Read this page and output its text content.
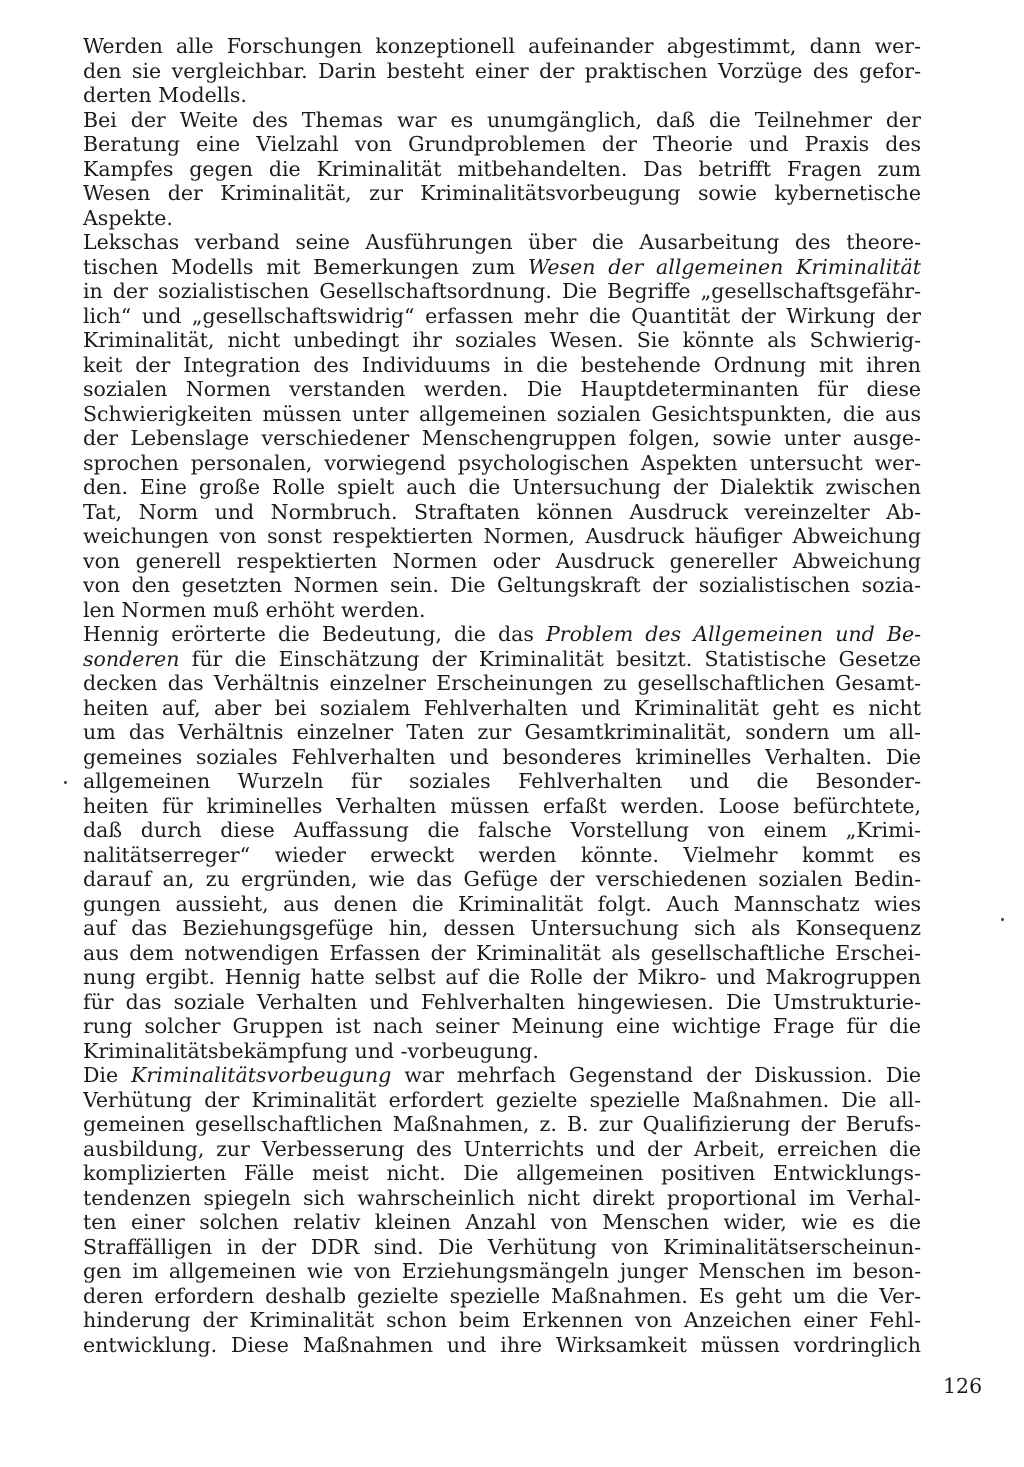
Werden alle Forschungen konzeptionell aufeinander abgestimmt, dann wer-
den sie vergleichbar. Darin besteht einer der praktischen Vorzüge des gefor-
derten Modells.
Bei der Weite des Themas war es unumgänglich, daß die Teilnehmer der
Beratung eine Vielzahl von Grundproblemen der Theorie und Praxis des
Kampfes gegen die Kriminalität mitbehandelten. Das betrifft Fragen zum
Wesen der Kriminalität, zur Kriminalitätsvorbeugung sowie kybernetische
Aspekte.
Lekschas verband seine Ausführungen über die Ausarbeitung des theore-
tischen Modells mit Bemerkungen zum Wesen der allgemeinen Kriminalität
in der sozialistischen Gesellschaftsordnung. Die Begriffe „gesellschaftsgefähr-
lich“ und „gesellschaftswidrig“ erfassen mehr die Quantität der Wirkung der
Kriminalität, nicht unbedingt ihr soziales Wesen. Sie könnte als Schwierig-
keit der Integration des Individuums in die bestehende Ordnung mit ihren
sozialen Normen verstanden werden. Die Hauptdeterminanten für diese
Schwierigkeiten müssen unter allgemeinen sozialen Gesichtspunkten, die aus
der Lebenslage verschiedener Menschengruppen folgen, sowie unter ausge-
sprochen personalen, vorwiegend psychologischen Aspekten untersucht wer-
den. Eine große Rolle spielt auch die Untersuchung der Dialektik zwischen
Tat, Norm und Normbruch. Straftaten können Ausdruck vereinzelter Ab-
weichungen von sonst respektierten Normen, Ausdruck häufiger Abweichung
von generell respektierten Normen oder Ausdruck genereller Abweichung
von den gesetzten Normen sein. Die Geltungskraft der sozialistischen sozia-
len Normen muß erhöht werden.
Hennig erörterte die Bedeutung, die das Problem des Allgemeinen und Be-
sonderen für die Einschätzung der Kriminalität besitzt. Statistische Gesetze
decken das Verhältnis einzelner Erscheinungen zu gesellschaftlichen Gesamt-
heiten auf, aber bei sozialem Fehlverhalten und Kriminalität geht es nicht
um das Verhältnis einzelner Taten zur Gesamtkriminalität, sondern um all-
gemeines soziales Fehlverhalten und besonderes kriminelles Verhalten. Die
allgemeinen Wurzeln für soziales Fehlverhalten und die Besonder-
heiten für kriminelles Verhalten müssen erfaßt werden. Loose befürchtete,
daß durch diese Auffassung die falsche Vorstellung von einem „Krimi-
nalitätserreger“ wieder erweckt werden könnte. Vielmehr kommt es
darauf an, zu ergründen, wie das Gefüge der verschiedenen sozialen Bedin-
gungen aussieht, aus denen die Kriminalität folgt. Auch Mannschatz wies
auf das Beziehungsgefüge hin, dessen Untersuchung sich als Konsequenz
aus dem notwendigen Erfassen der Kriminalität als gesellschaftliche Erschei-
nung ergibt. Hennig hatte selbst auf die Rolle der Mikro- und Makrogruppen
für das soziale Verhalten und Fehlverhalten hingewiesen. Die Umstrukturie-
rung solcher Gruppen ist nach seiner Meinung eine wichtige Frage für die
Kriminalitätsbekämpfung und -vorbeugung.
Die Kriminalitätsvorbeugung war mehrfach Gegenstand der Diskussion. Die
Verhütung der Kriminalität erfordert gezielte spezielle Maßnahmen. Die all-
gemeinen gesellschaftlichen Maßnahmen, z. B. zur Qualifizierung der Berufs-
ausbildung, zur Verbesserung des Unterrichts und der Arbeit, erreichen die
komplizierten Fälle meist nicht. Die allgemeinen positiven Entwicklungs-
tendenzen spiegeln sich wahrscheinlich nicht direkt proportional im Verhal-
ten einer solchen relativ kleinen Anzahl von Menschen wider, wie es die
Straffälligen in der DDR sind. Die Verhütung von Kriminalitätserscheinun-
gen im allgemeinen wie von Erziehungsmängeln junger Menschen im beson-
deren erfordern deshalb gezielte spezielle Maßnahmen. Es geht um die Ver-
hinderung der Kriminalität schon beim Erkennen von Anzeichen einer Fehl-
entwicklung. Diese Maßnahmen und ihre Wirksamkeit müssen vordringlich
126
